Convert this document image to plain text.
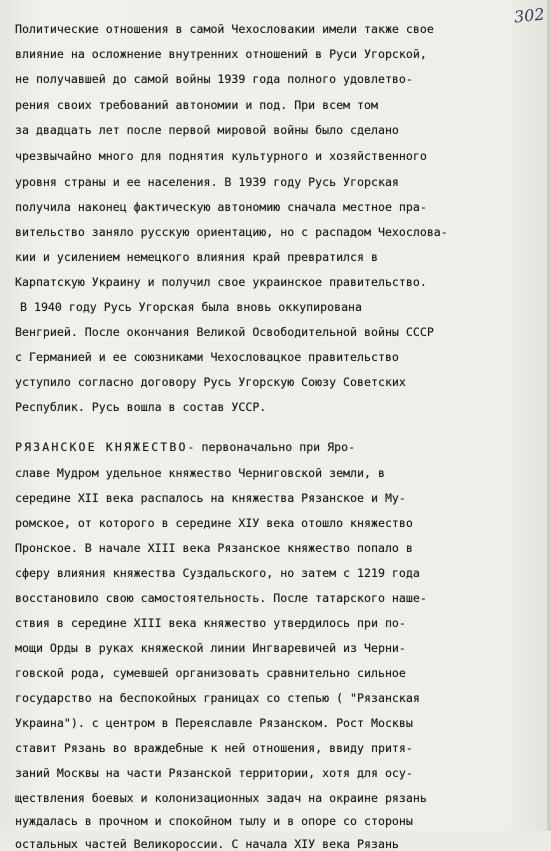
302
Политические отношения в самой Чехословакии имели также свое
влияние на осложнение внутренних отношений в Руси Угорской,
не получавшей до самой войны 1939 года полного удовлетво-
рения своих требований автономии и под. При всем том
за двадцать лет после первой мировой войны было сделано
чрезвычайно много для поднятия культурного и хозяйственного
уровня страны и ее населения. В 1939 году Русь Угорская
получила наконец фактическую автономию сначала местное пра-
вительство заняло русскую ориентацию, но с распадом Чехослова-
кии и усилением немецкого влияния край превратился в
Карпатскую Украину и получил свое украинское правительство.
В 1940 году Русь Угорская была вновь оккупирована
Венгрией. После окончания Великой Освободительной войны СССР
с Германией и ее союзниками Чехословацкое правительство
уступило согласно договору Русь Угорскую Союзу Советских
Республик. Русь вошла в состав УССР.
РЯЗАНСКОЕ КНЯЖЕСТВО- первоначально при Яро-
славе Мудром удельное княжество Черниговской земли, в
середине XII века распалось на княжества Рязанское и Му-
ромское, от которого в середине XIУ века отошло княжество
Пронское. В начале XIII века Рязанское княжество попало в
сферу влияния княжества Суздальского, но затем с 1219 года
восстановило свою самостоятельность. После татарского наше-
ствия в середине XIII века княжество утвердилось при по-
мощи Орды в руках княжеской линии Ингваревичей из Черни-
говской рода, сумевшей организовать сравнительно сильное
государство на беспокойных границах со степью ( "Рязанская
Украина"). с центром в Переяславле Рязанском. Рост Москвы
ставит Рязань во враждебные к ней отношения, ввиду притя-
заний Москвы на части Рязанской территории, хотя для осу-
ществления боевых и колонизационных задач на окраине рязань
нуждалась в прочном и спокойном тылу и в опоре со стороны
остальных частей Великороссии. С начала XIУ века Рязань
